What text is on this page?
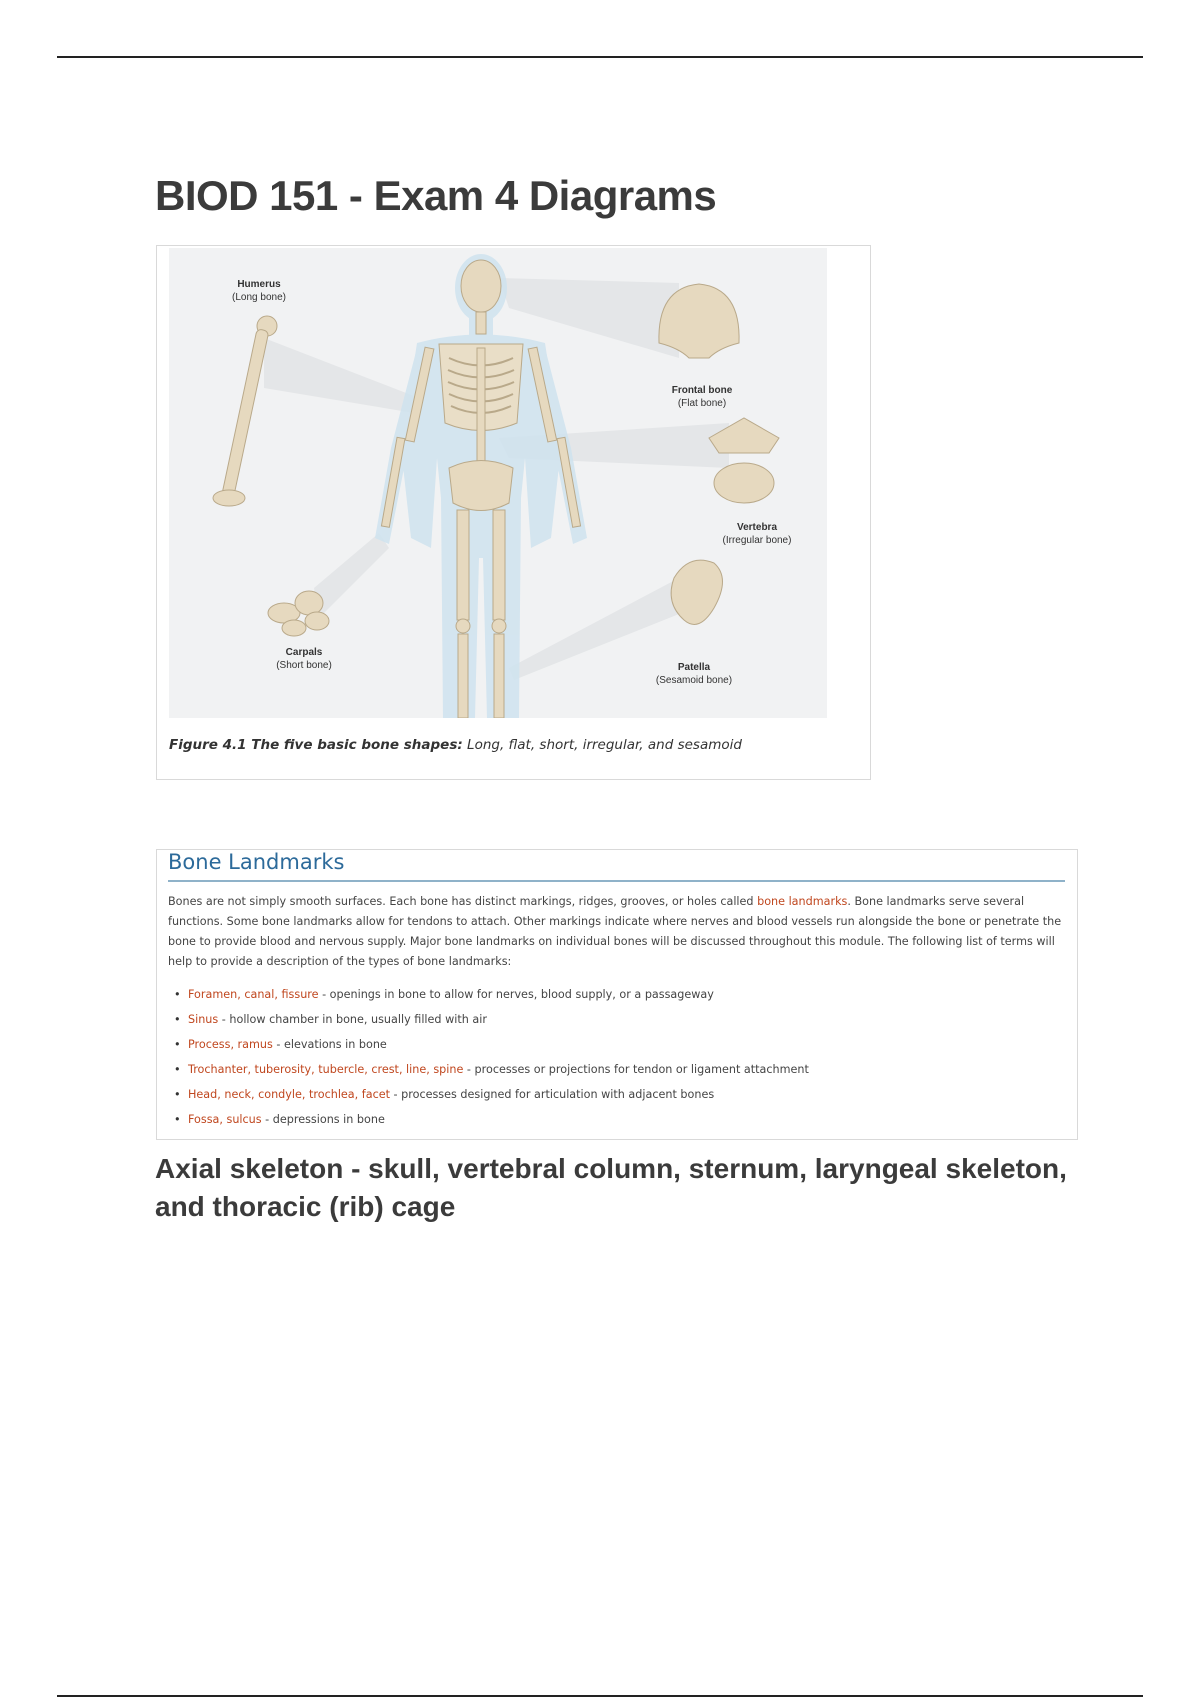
BIOD 151 - Exam 4 Diagrams
Humerus
(Long bone)
Frontal bone
(Flat bone)
Vertebra
(Irregular bone)
Carpals
(Short bone)	Patella
(Sesamoid bone)
Figure 4.1 The five basic bone shapes: Long, flat, short, irregular, and sesamoid
Bone Landmarks
Bones are not simply smooth surfaces. Each bone has distinct markings, ridges, grooves, or holes called bone landmarks. Bone landmarks serve several functions. Some bone landmarks allow for tendons to attach. Other markings indicate where nerves and blood vessels run alongside the bone or penetrate the bone to provide blood and nervous supply. Major bone landmarks on individual bones will be discussed throughout this module. The following list of terms will help to provide a description of the types of bone landmarks:
• Foramen, canal, fissure - openings in bone to allow for nerves, blood supply, or a passageway
• Sinus - hollow chamber in bone, usually filled with air
• Process, ramus - elevations in bone
• Trochanter, tuberosity, tubercle, crest, line, spine - processes or projections for tendon or ligament attachment
• Head, neck, condyle, trochlea, facet - processes designed for articulation with adjacent bones
• Fossa, sulcus - depressions in bone
Axial skeleton - skull, vertebral column, sternum, laryngeal skeleton, and thoracic (rib) cage
